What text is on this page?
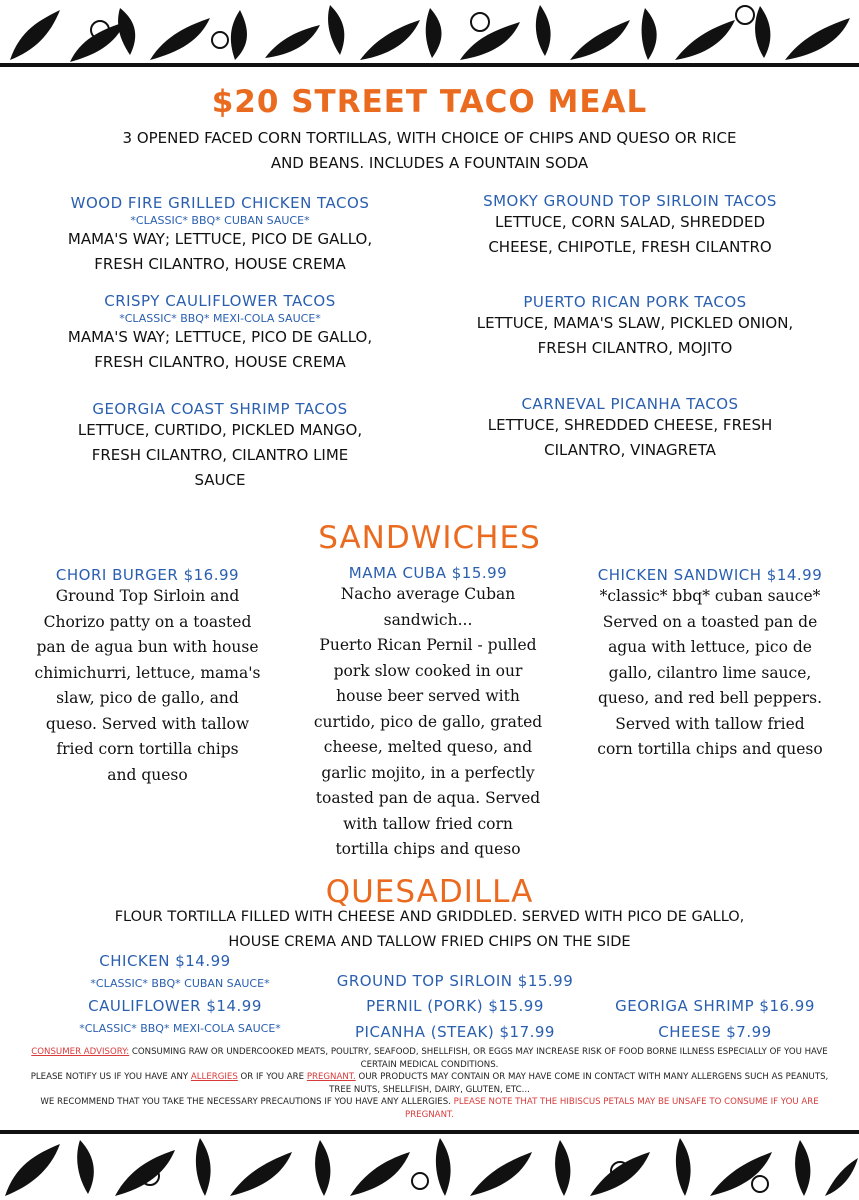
$20 STREET TACO MEAL
3 OPENED FACED CORN TORTILLAS, WITH CHOICE OF CHIPS AND QUESO OR RICE
AND BEANS. INCLUDES A FOUNTAIN SODA
WOOD FIRE GRILLED CHICKEN TACOS
*CLASSIC* BBQ* CUBAN SAUCE*
MAMA'S WAY; LETTUCE, PICO DE GALLO,
FRESH CILANTRO, HOUSE CREMA
CRISPY CAULIFLOWER TACOS
*CLASSIC* BBQ* MEXI-COLA SAUCE*
MAMA'S WAY; LETTUCE, PICO DE GALLO,
FRESH CILANTRO, HOUSE CREMA
GEORGIA COAST SHRIMP TACOS
LETTUCE, CURTIDO, PICKLED MANGO,
FRESH CILANTRO, CILANTRO LIME
SAUCE
SMOKY GROUND TOP SIRLOIN TACOS
LETTUCE, CORN SALAD, SHREDDED
CHEESE, CHIPOTLE, FRESH CILANTRO
PUERTO RICAN PORK TACOS
LETTUCE, MAMA'S SLAW, PICKLED ONION,
FRESH CILANTRO, MOJITO
CARNEVAL PICANHA TACOS
LETTUCE, SHREDDED CHEESE, FRESH
CILANTRO, VINAGRETA
SANDWICHES
CHORI BURGER $16.99
Ground Top Sirloin and
Chorizo patty on a toasted
pan de agua bun with house
chimichurri, lettuce, mama's
slaw, pico de gallo, and
queso. Served with tallow
fried corn tortilla chips
and queso
MAMA CUBA $15.99
Nacho average Cuban
sandwich...
Puerto Rican Pernil - pulled
pork slow cooked in our
house beer served with
curtido, pico de gallo, grated
cheese, melted queso, and
garlic mojito, in a perfectly
toasted pan de aqua. Served
with tallow fried corn
tortilla chips and queso
CHICKEN SANDWICH $14.99
*classic* bbq* cuban sauce*
Served on a toasted pan de
agua with lettuce, pico de
gallo, cilantro lime sauce,
queso, and red bell peppers.
Served with tallow fried
corn tortilla chips and queso
QUESADILLA
FLOUR TORTILLA FILLED WITH CHEESE AND GRIDDLED. SERVED WITH PICO DE GALLO,
HOUSE CREMA AND TALLOW FRIED CHIPS ON THE SIDE
CHICKEN $14.99
*CLASSIC* BBQ* CUBAN SAUCE*
CAULIFLOWER $14.99
*CLASSIC* BBQ* MEXI-COLA SAUCE*
GROUND TOP SIRLOIN $15.99
PERNIL (PORK) $15.99
PICANHA (STEAK) $17.99
GEORIGA SHRIMP $16.99
CHEESE $7.99
CONSUMER ADVISORY: CONSUMING RAW OR UNDERCOOKED MEATS, POULTRY, SEAFOOD, SHELLFISH, OR EGGS MAY INCREASE RISK OF FOOD BORNE ILLNESS ESPECIALLY OF YOU HAVE
CERTAIN MEDICAL CONDITIONS.
PLEASE NOTIFY US IF YOU HAVE ANY ALLERGIES OR IF YOU ARE PREGNANT. OUR PRODUCTS MAY CONTAIN OR MAY HAVE COME IN CONTACT WITH MANY ALLERGENS SUCH AS PEANUTS,
TREE NUTS, SHELLFISH, DAIRY, GLUTEN, ETC...
WE RECOMMEND THAT YOU TAKE THE NECESSARY PRECAUTIONS IF YOU HAVE ANY ALLERGIES. PLEASE NOTE THAT THE HIBISCUS PETALS MAY BE UNSAFE TO CONSUME IF YOU ARE
PREGNANT.
